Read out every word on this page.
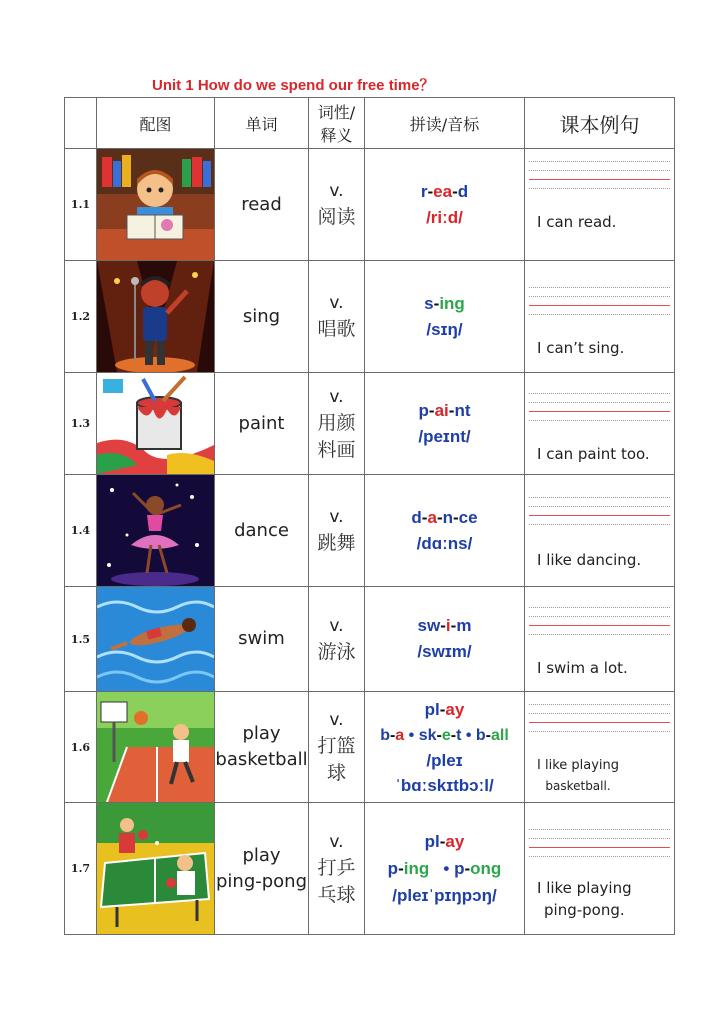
Unit 1 How do we spend our free time？
	配图	单词	词性/
释义	拼读/音标	课本例句
1.1		read	v.
阅读	r-ea-d
/riːd/	I can read.

1.2		sing	v.
唱歌	s-ing
/sɪŋ/	I can’t sing.

1.3		paint	v.
用颜
料画	p-ai-nt
/peɪnt/	I can paint too.

1.4		dance	v.
跳舞	d-a-n-ce
/dɑːns/	I like dancing.

1.5		swim	v.
游泳	sw-i-m
/swɪm/	I swim a lot.

1.6		play
basketball	v.
打篮
球	pl-ay
b-a • sk-e-t • b-all
/pleɪ
ˈbɑːskɪtbɔːl/	I like playing
basketball.

1.7		play
ping-pong	v.
打乒
乓球	pl-ay
p-ing   • p-ong
/pleɪˈpɪŋpɔŋ/	I like playing
ping-pong.
